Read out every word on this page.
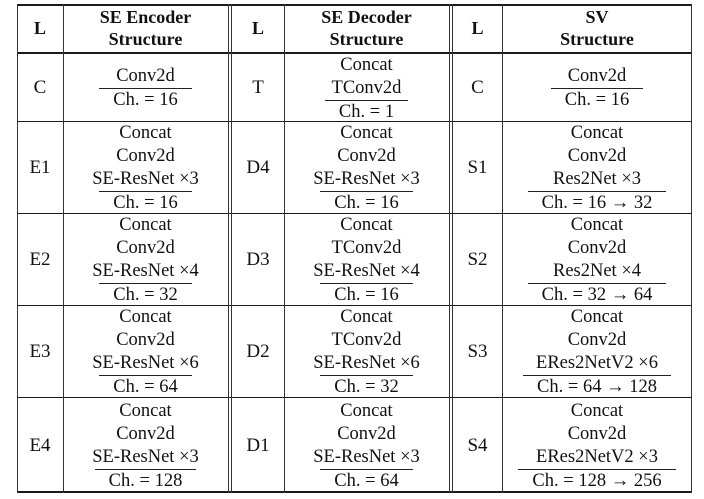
L
SE Encoder
Structure
L
SE Decoder
Structure
L
SV
Structure
C
Conv2d
Ch. = 16
T
Concat
TConv2d
Ch. = 1
C
Conv2d
Ch. = 16
E1
Concat
Conv2d
SE-ResNet ×3
Ch. = 16
D4
Concat
Conv2d
SE-ResNet ×3
Ch. = 16
S1
Concat
Conv2d
Res2Net ×3
Ch. = 16 → 32
E2
Concat
Conv2d
SE-ResNet ×4
Ch. = 32
D3
Concat
TConv2d
SE-ResNet ×4
Ch. = 16
S2
Concat
Conv2d
Res2Net ×4
Ch. = 32 → 64
E3
Concat
Conv2d
SE-ResNet ×6
Ch. = 64
D2
Concat
TConv2d
SE-ResNet ×6
Ch. = 32
S3
Concat
Conv2d
ERes2NetV2 ×6
Ch. = 64 → 128
E4
Concat
Conv2d
SE-ResNet ×3
Ch. = 128
D1
Concat
Conv2d
SE-ResNet ×3
Ch. = 64
S4
Concat
Conv2d
ERes2NetV2 ×3
Ch. = 128 → 256
